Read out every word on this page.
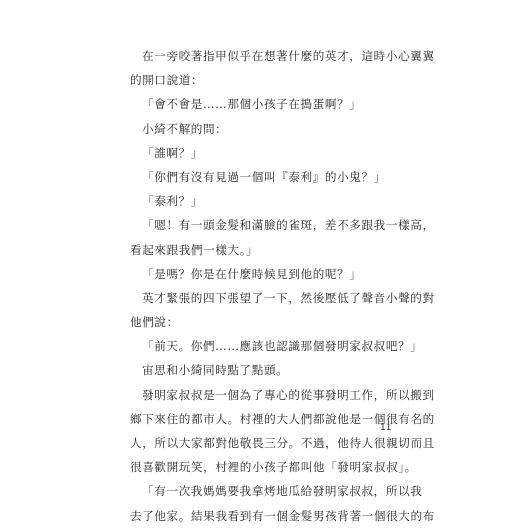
在一旁咬著指甲似乎在想著什麼的英才，這時小心翼翼
的開口說道：
「會不會是……那個小孩子在搗蛋啊？」
小綺不解的問：
「誰啊？」
「你們有沒有見過一個叫『泰利』的小鬼？」
「泰利？」
「嗯！有一頭金髮和滿臉的雀斑，差不多跟我一樣高，
看起來跟我們一樣大。」
「是嗎？你是在什麼時候見到他的呢？」
英才緊張的四下張望了一下，然後壓低了聲音小聲的對
他們說：
「前天。你們……應該也認識那個發明家叔叔吧？」
宙思和小綺同時點了點頭。
發明家叔叔是一個為了專心的從事發明工作，所以搬到
鄉下來住的都市人。村裡的大人們都說他是一個很有名的
人，所以大家都對他敬畏三分。不過，他待人很親切而且
很喜歡開玩笑，村裡的小孩子都叫他「發明家叔叔」。
「有一次我媽媽要我拿烤地瓜給發明家叔叔，所以我
去了他家。結果我看到有一個金髮男孩背著一個很大的布
11
